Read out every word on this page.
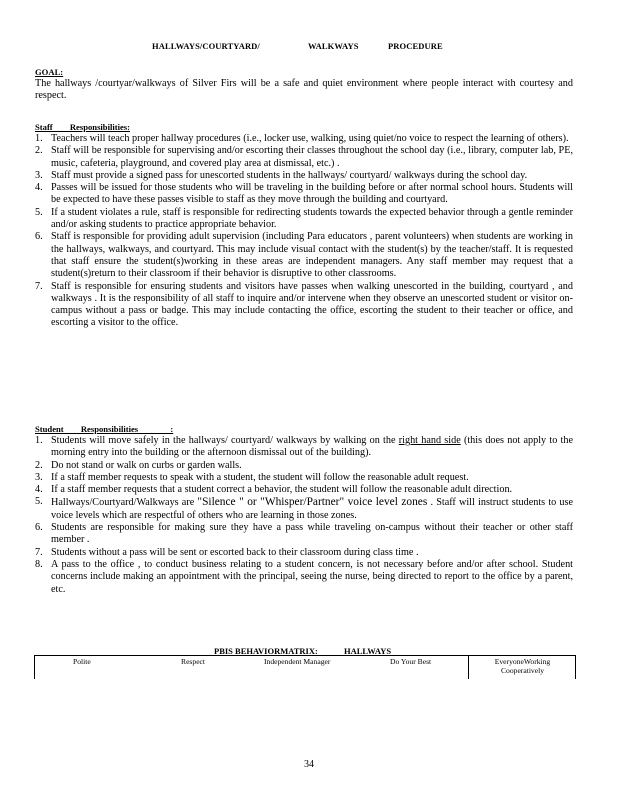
HALLWAYS/COURTYARD/	WALKWAYS	PROCEDURE
GOAL:
The hallways /courtyar/walkways of Silver Firs will be a safe and quiet environment where people interact with courtesy and respect.
Staff        Responsibilities:
1. Teachers will teach proper hallway procedures (i.e., locker use, walking, using quiet/no voice to respect the learning of others).
2. Staff will be responsible for supervising and/or escorting their classes throughout the school day (i.e., library, computer lab, PE, music, cafeteria, playground, and covered play area at dismissal, etc.) .
3. Staff must provide a signed pass for unescorted students in the hallways/ courtyard/ walkways during the school day.
4. Passes will be issued for those students who will be traveling in the building before or after normal school hours. Students will be expected to have these passes visible to staff as they move through the building and courtyard.
5. If a student violates a rule, staff is responsible for redirecting students towards the expected behavior through a gentle reminder and/or asking students to practice appropriate behavior.
6. Staff is responsible for providing adult supervision (including Para educators , parent volunteers) when students are working in the hallways, walkways, and courtyard. This may include visual contact with the student(s) by the teacher/staff. It is requested that staff ensure the student(s)working in these areas are independent managers. Any staff member may request that a student(s)return to their classroom if their behavior is disruptive to other classrooms.
7. Staff is responsible for ensuring students and visitors have passes when walking unescorted in the building, courtyard , and walkways . It is the responsibility of all staff to inquire and/or intervene when they observe an unescorted student or visitor on-campus without a pass or badge. This may include contacting the office, escorting the student to their teacher or office, and escorting a visitor to the office.
Student        Responsibilities               :
1. Students will move safely in the hallways/ courtyard/ walkways by walking on the right hand side (this does not apply to the morning entry into the building or the afternoon dismissal out of the building).
2. Do not stand or walk on curbs or garden walls.
3. If a staff member requests to speak with a student, the student will follow the reasonable adult request.
4. If a staff member requests that a student correct a behavior, the student will follow the reasonable adult direction.
5. Hallways/Courtyard/Walkways are "Silence " or "Whisper/Partner" voice level zones . Staff will instruct students to use voice levels which are respectful of others who are learning in those zones.
6. Students are responsible for making sure they have a pass while traveling on-campus without their teacher or other staff member .
7. Students without a pass will be sent or escorted back to their classroom during class time .
8. A pass to the office , to conduct business relating to a student concern, is not necessary before and/or after school. Student concerns include making an appointment with the principal, seeing the nurse, being directed to report to the office by a parent, etc.
PBIS BEHAVIORMATRIX:	HALLWAYS
Polite	Respect	Independent Manager	Do Your Best	EveryoneWorking
Cooperatively
34
